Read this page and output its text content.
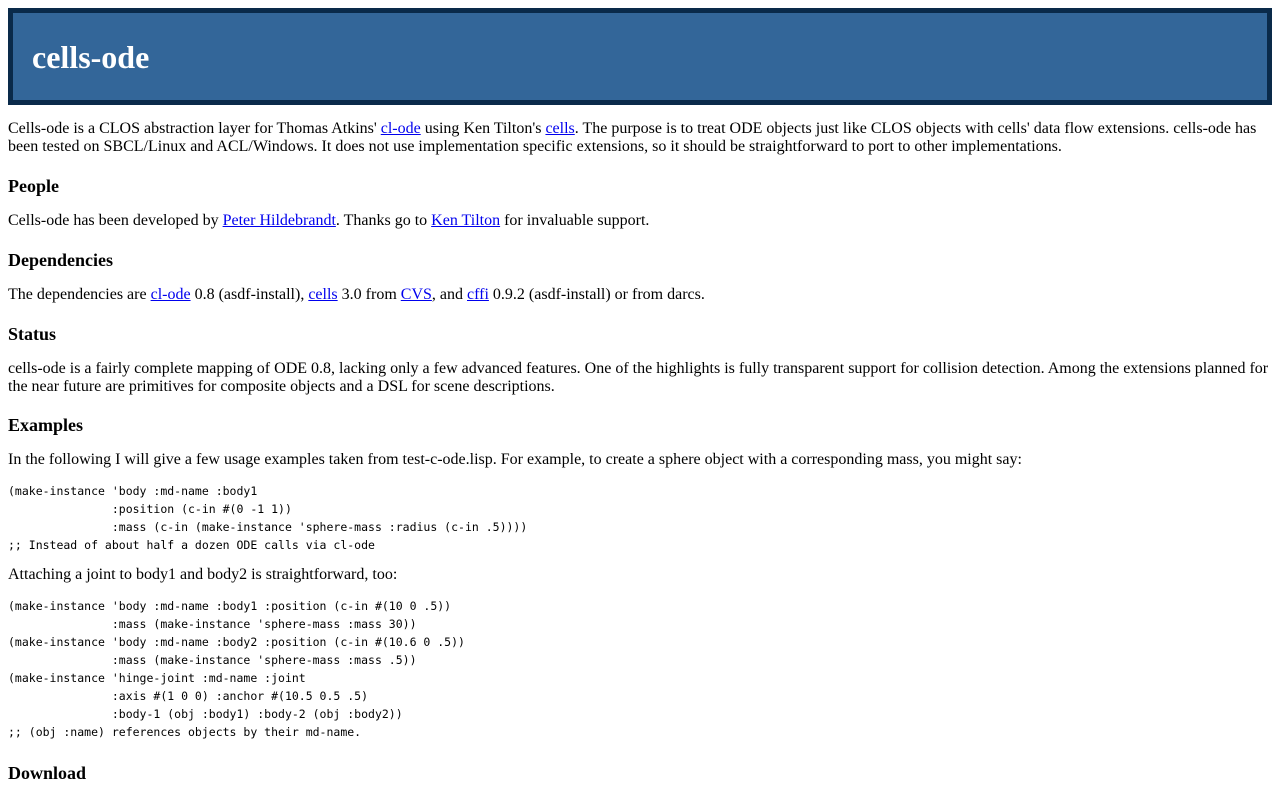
cells-ode

Cells-ode is a CLOS abstraction layer for Thomas Atkins' cl-ode using Ken Tilton's cells. The purpose is to treat ODE objects just like CLOS objects with cells' data flow extensions. cells-ode has been tested on SBCL/Linux and ACL/Windows. It does not use implementation specific extensions, so it should be straightforward to port to other implementations.

People

Cells-ode has been developed by Peter Hildebrandt. Thanks go to Ken Tilton for invaluable support.

Dependencies

The dependencies are cl-ode 0.8 (asdf-install), cells 3.0 from CVS, and cffi 0.9.2 (asdf-install) or from darcs.

Status

cells-ode is a fairly complete mapping of ODE 0.8, lacking only a few advanced features. One of the highlights is fully transparent support for collision detection. Among the extensions planned for the near future are primitives for composite objects and a DSL for scene descriptions.

Examples

In the following I will give a few usage examples taken from test-c-ode.lisp. For example, to create a sphere object with a corresponding mass, you might say:

(make-instance 'body :md-name :body1
:position (c-in #(0 -1 1))
:mass (c-in (make-instance 'sphere-mass :radius (c-in .5))))
;; Instead of about half a dozen ODE calls via cl-ode

Attaching a joint to body1 and body2 is straightforward, too:

(make-instance 'body :md-name :body1 :position (c-in #(10 0 .5))
:mass (make-instance 'sphere-mass :mass 30))
(make-instance 'body :md-name :body2 :position (c-in #(10.6 0 .5))
:mass (make-instance 'sphere-mass :mass .5))
(make-instance 'hinge-joint :md-name :joint
:axis #(1 0 0) :anchor #(10.5 0.5 .5)
:body-1 (obj :body1) :body-2 (obj :body2))
;; (obj :name) references objects by their md-name.
Download
